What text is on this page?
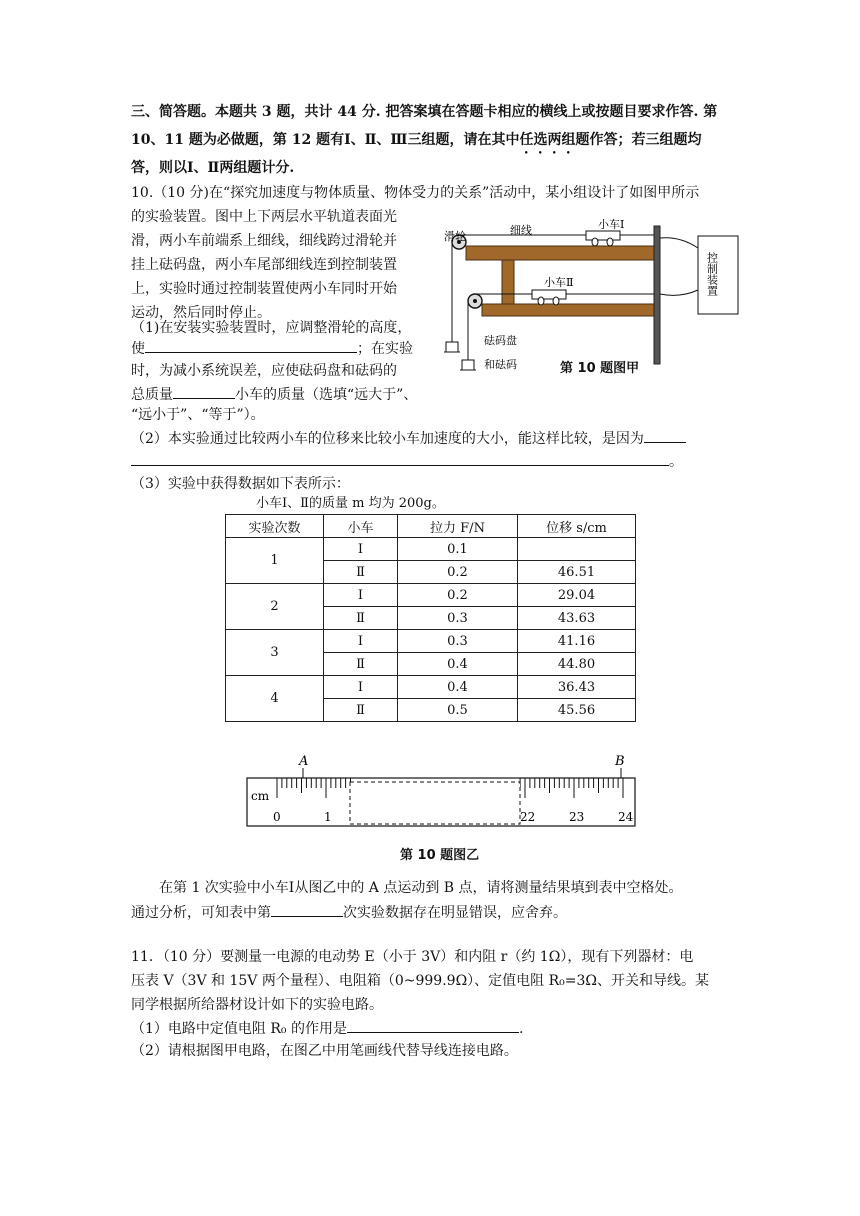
三、简答题。本题共 3 题，共计 44 分. 把答案填在答题卡相应的横线上或按题目要求作答. 第
10、11 题为必做题，第 12 题有Ⅰ、Ⅱ、Ⅲ三组题，请在其中任选两组题作答；若三组题均
答，则以Ⅰ、Ⅱ两组题计分.
10.（10 分)在“探究加速度与物体质量、物体受力的关系”活动中，某小组设计了如图甲所示
的实验装置。图中上下两层水平轨道表面光
滑，两小车前端系上细线，细线跨过滑轮并
挂上砝码盘，两小车尾部细线连到控制装置
上，实验时通过控制装置使两小车同时开始
运动，然后同时停止。
（1)在安装实验装置时，应调整滑轮的高度，
使	；在实验
时，为减小系统误差，应使砝码盘和砝码的
总质量	小车的质量（选填“远大于”、
“远小于”、“等于”）。
（2）本实验通过比较两小车的位移来比较小车加速度的大小，能这样比较，是因为
。
（3）实验中获得数据如下表所示：
小车Ⅰ、Ⅱ的质量 m 均为 200g。
滑轮	细线	小车Ⅰ
小车Ⅱ	控制装置
砝码盘
和砝码	第 10 题图甲
实验次数	小车	拉力 F/N	位移 s/cm
1	Ⅰ	0.1	
	Ⅱ	0.2	46.51
2	Ⅰ	0.2	29.04
	Ⅱ	0.3	43.63
3	Ⅰ	0.3	41.16
	Ⅱ	0.4	44.80
4	Ⅰ	0.4	36.43
	Ⅱ	0.5	45.56
A	B
cm
0	1	22	23	24
第 10 题图乙
在第 1 次实验中小车Ⅰ从图乙中的 A 点运动到 B 点，请将测量结果填到表中空格处。
通过分析，可知表中第	次实验数据存在明显错误，应舍弃。
11．（10 分）要测量一电源的电动势 E（小于 3V）和内阻 r（约 1Ω），现有下列器材：电
压表 V（3V 和 15V 两个量程）、电阻箱（0~999.9Ω）、定值电阻 R₀=3Ω、开关和导线。某
同学根据所给器材设计如下的实验电路。
（1）电路中定值电阻 R₀ 的作用是	.
（2）请根据图甲电路，在图乙中用笔画线代替导线连接电路。
